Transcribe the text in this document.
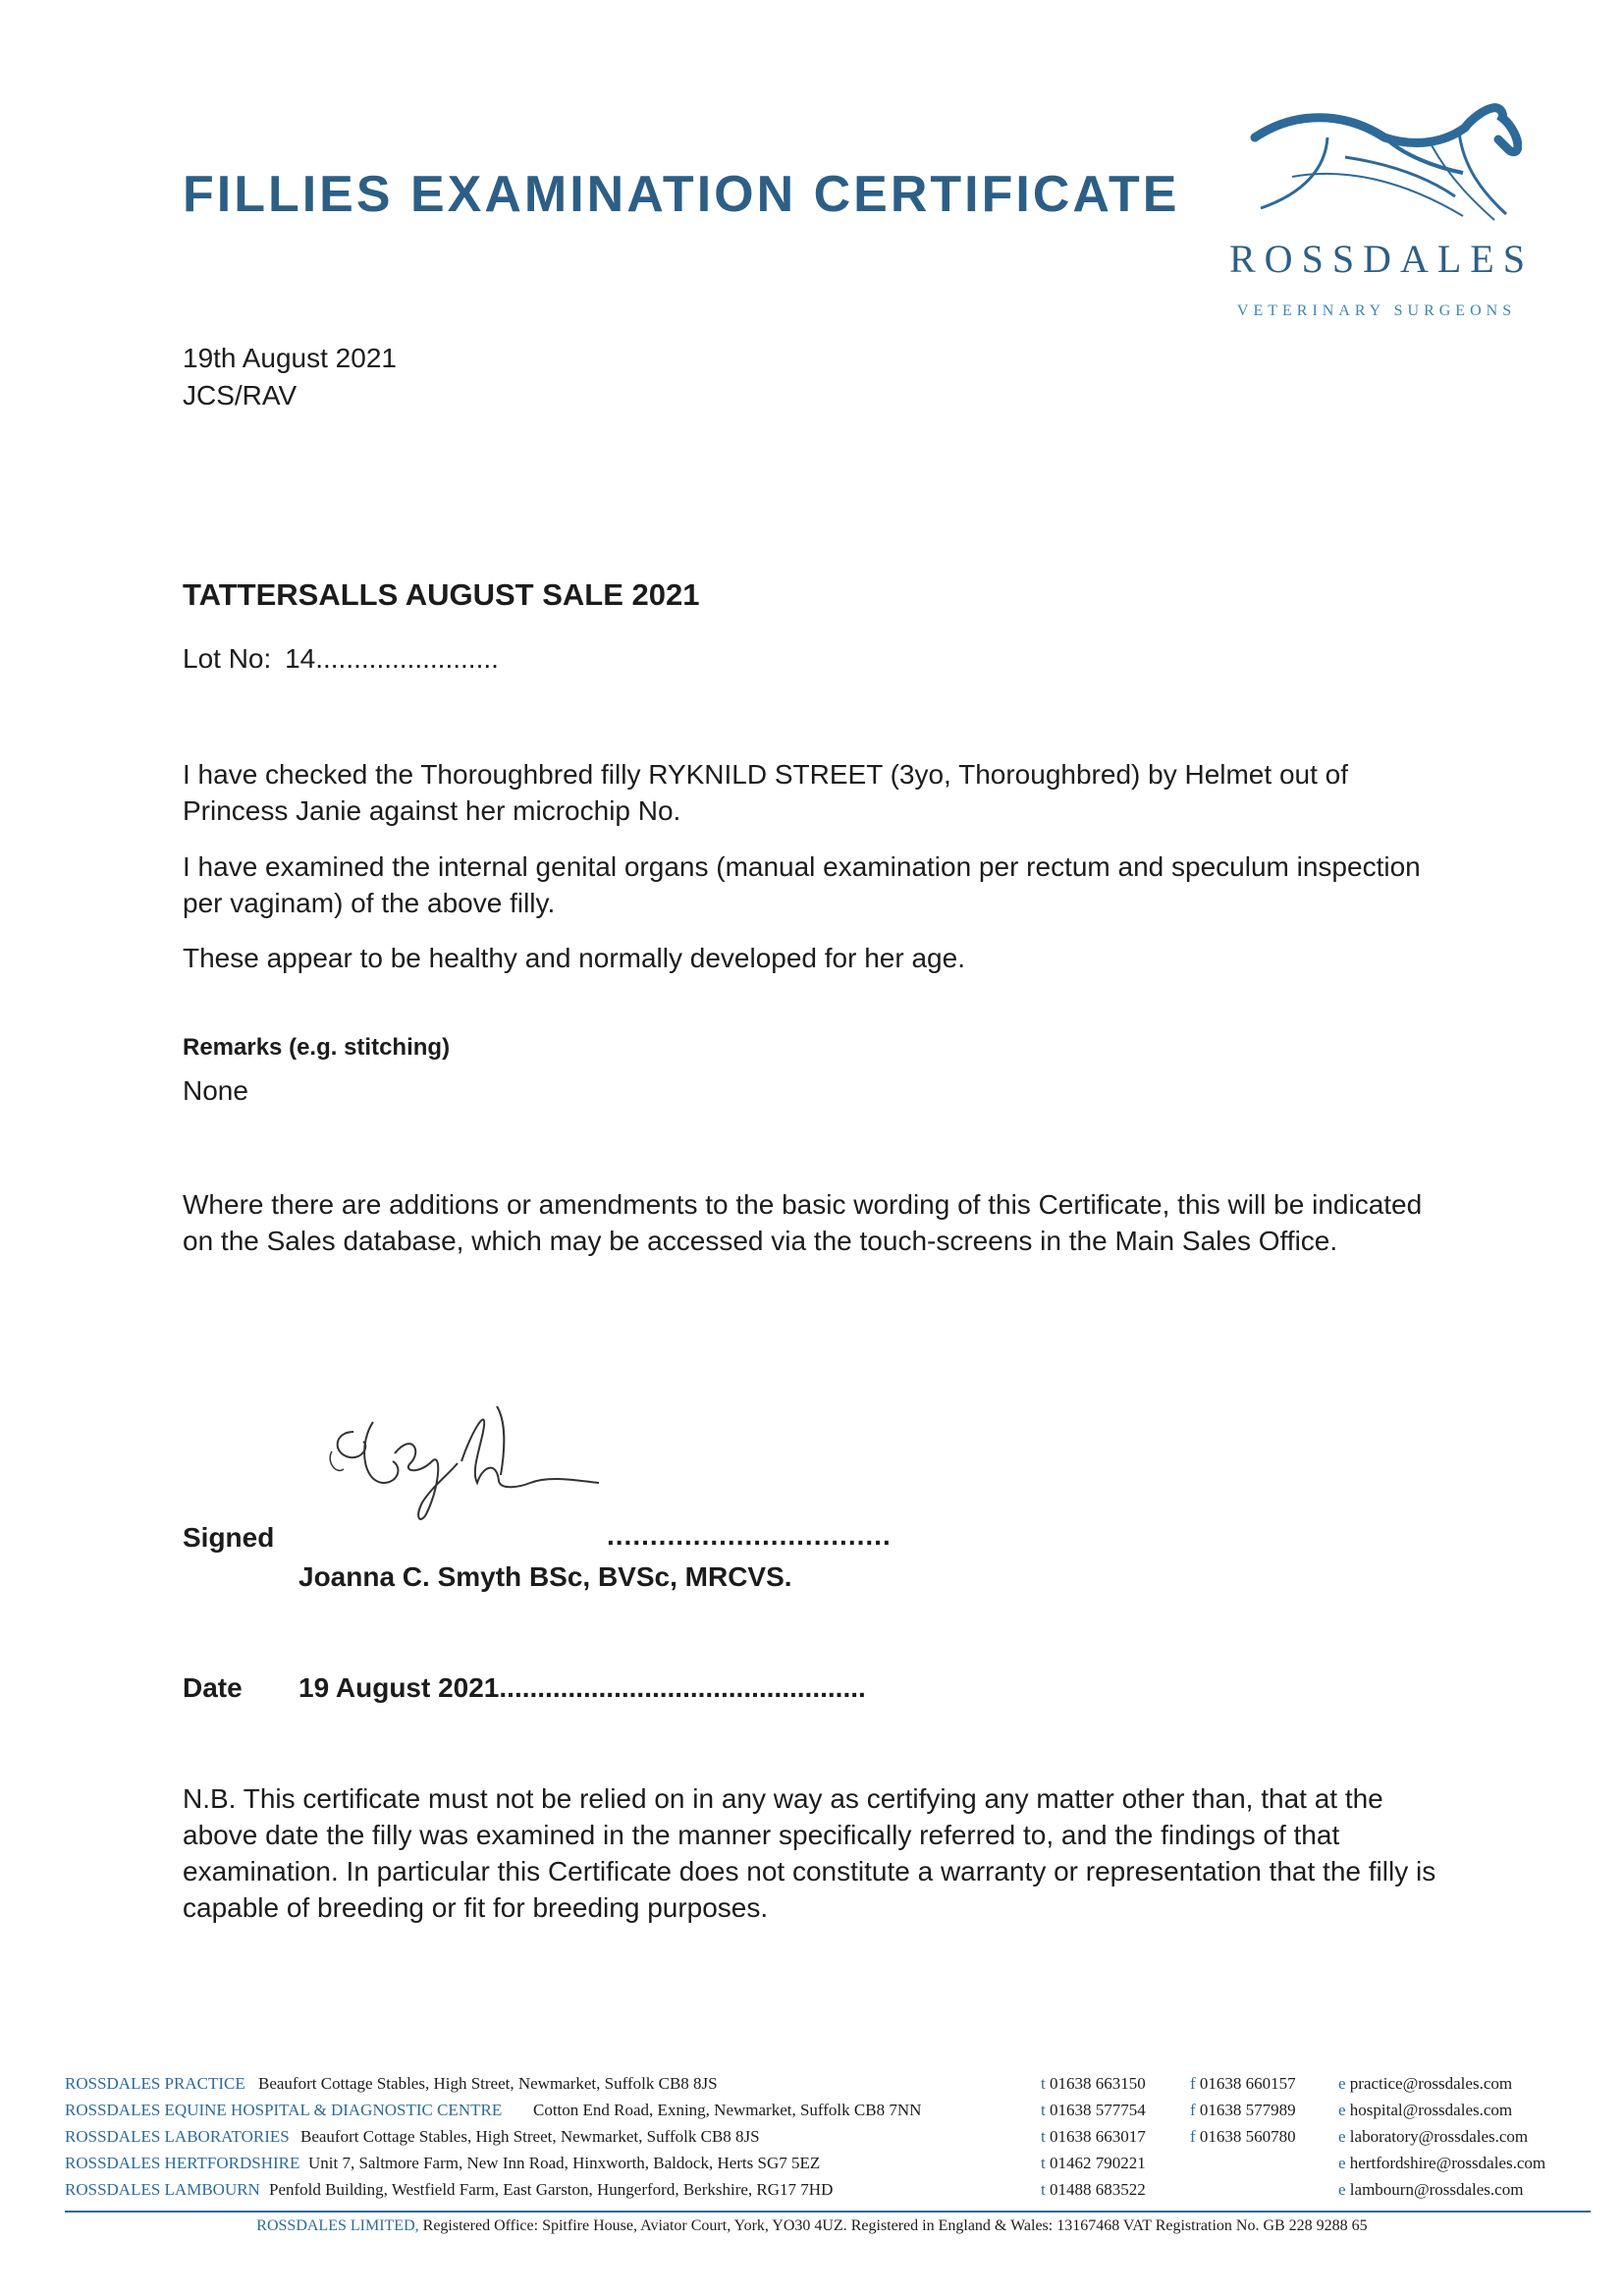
FILLIES EXAMINATION CERTIFICATE
ROSSDALES
VETERINARY SURGEONS
19th August 2021
JCS/RAV
TATTERSALLS AUGUST SALE 2021
Lot No: 14........................
I have checked the Thoroughbred filly RYKNILD STREET (3yo, Thoroughbred) by Helmet out of Princess Janie against her microchip No.
I have examined the internal genital organs (manual examination per rectum and speculum inspection per vaginam) of the above filly.
These appear to be healthy and normally developed for her age.
Remarks (e.g. stitching)
None
Where there are additions or amendments to the basic wording of this Certificate, this will be indicated on the Sales database, which may be accessed via the touch-screens in the Main Sales Office.
Signed	.................................
Joanna C. Smyth BSc, BVSc, MRCVS.
Date 19 August 2021................................................
N.B. This certificate must not be relied on in any way as certifying any matter other than, that at the above date the filly was examined in the manner specifically referred to, and the findings of that examination. In particular this Certificate does not constitute a warranty or representation that the filly is capable of breeding or fit for breeding purposes.
ROSSDALES PRACTICE Beaufort Cottage Stables, High Street, Newmarket, Suffolk CB8 8JS	t 01638 663150	f 01638 660157	e practice@rossdales.com
ROSSDALES EQUINE HOSPITAL & DIAGNOSTIC CENTRE Cotton End Road, Exning, Newmarket, Suffolk CB8 7NN	t 01638 577754	f 01638 577989	e hospital@rossdales.com
ROSSDALES LABORATORIES Beaufort Cottage Stables, High Street, Newmarket, Suffolk CB8 8JS	t 01638 663017	f 01638 560780	e laboratory@rossdales.com
ROSSDALES HERTFORDSHIRE Unit 7, Saltmore Farm, New Inn Road, Hinxworth, Baldock, Herts SG7 5EZ	t 01462 790221	e hertfordshire@rossdales.com
ROSSDALES LAMBOURN Penfold Building, Westfield Farm, East Garston, Hungerford, Berkshire, RG17 7HD	t 01488 683522	e lambourn@rossdales.com
ROSSDALES LIMITED, Registered Office: Spitfire House, Aviator Court, York, YO30 4UZ. Registered in England & Wales: 13167468 VAT Registration No. GB 228 9288 65
